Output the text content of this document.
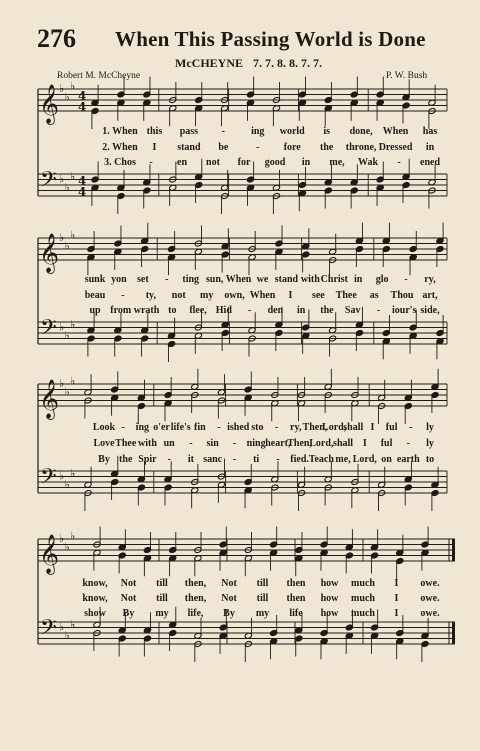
276 When This Passing World is Done
McCHEYNE 7. 7. 8. 8. 7. 7.
Robert M. McCheyne	P. W. Bush
𝄞
𝄢
♭
♭
♭
♭
♭
♭
4
4
4
4
𝄞
𝄢
♭
♭
♭
♭
♭
♭
𝄞
𝄢
♭
♭
♭
♭
♭
♭
𝄞
𝄢
♭
♭
♭
♭
♭
♭
1. When this pass -	ing world is done, When has
2. When I stand be	- fore the throne, Dressed in
3. Chos - en not for good in me, Wak - ened
sunk yon set - ting sun, When we stand with Christ in glo - ry,
beau - ty, not my own, When I see Thee as Thou art,
up from wrath to flee, Hid - den in the Sav - iour's side,
Look - ing o'er life's fin - ished sto - ry, Then,
Lord,
shall I ful - ly
Love Thee with un - sin - ning heart,
Then,
Lord, shall I ful - ly
By the Spir - it sanc - ti - fied. Teach me, Lord, on earth to
know, Not till then, Not till then how much I owe.
know, Not till then, Not till then how much I owe.
show By my life, By my life how much I owe.
